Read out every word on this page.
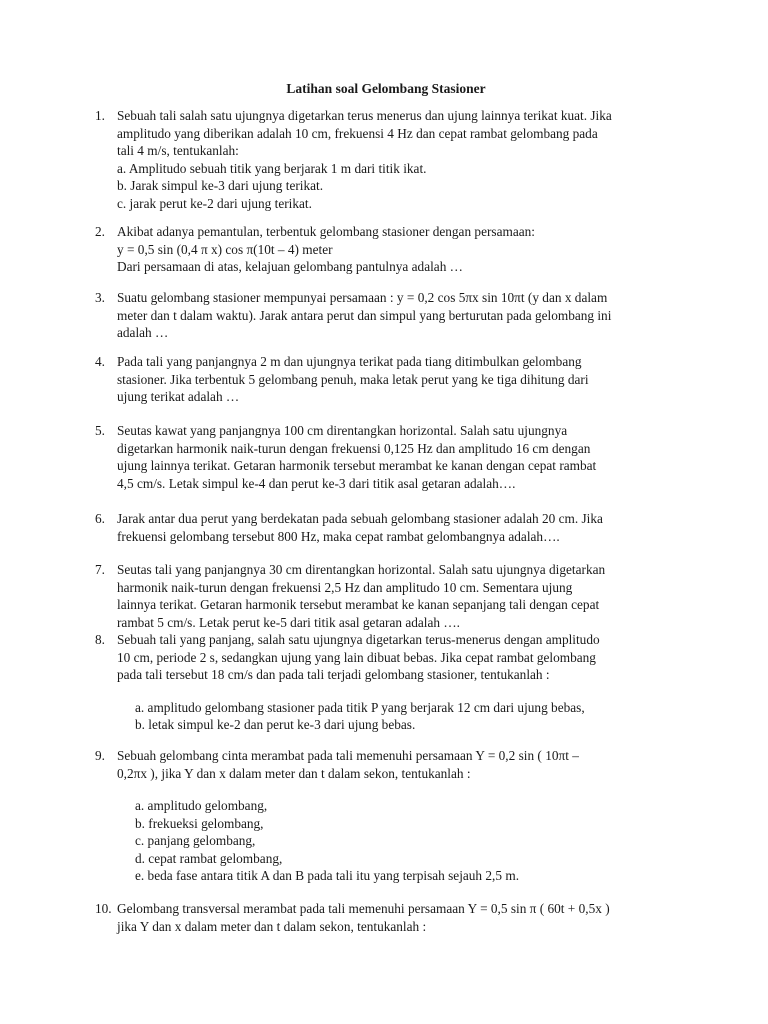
Latihan soal Gelombang Stasioner
1. Sebuah tali salah satu ujungnya digetarkan terus menerus dan ujung lainnya terikat kuat. Jika
amplitudo yang diberikan adalah 10 cm, frekuensi 4 Hz dan cepat rambat gelombang pada
tali 4 m/s, tentukanlah:
a. Amplitudo sebuah titik yang berjarak 1 m dari titik ikat.
b. Jarak simpul ke-3 dari ujung terikat.
c. jarak perut ke-2 dari ujung terikat.
2. Akibat adanya pemantulan, terbentuk gelombang stasioner dengan persamaan:
y = 0,5 sin (0,4 π x) cos π(10t – 4) meter
Dari persamaan di atas, kelajuan gelombang pantulnya adalah …
3. Suatu gelombang stasioner mempunyai persamaan : y = 0,2 cos 5πx sin 10πt (y dan x dalam
meter dan t dalam waktu). Jarak antara perut dan simpul yang berturutan pada gelombang ini
adalah …
4. Pada tali yang panjangnya 2 m dan ujungnya terikat pada tiang ditimbulkan gelombang
stasioner. Jika terbentuk 5 gelombang penuh, maka letak perut yang ke tiga dihitung dari
ujung terikat adalah …
5. Seutas kawat yang panjangnya 100 cm direntangkan horizontal. Salah satu ujungnya
digetarkan harmonik naik-turun dengan frekuensi 0,125 Hz dan amplitudo 16 cm dengan
ujung lainnya terikat. Getaran harmonik tersebut merambat ke kanan dengan cepat rambat
4,5 cm/s. Letak simpul ke-4 dan perut ke-3 dari titik asal getaran adalah….
6. Jarak antar dua perut yang berdekatan pada sebuah gelombang stasioner adalah 20 cm. Jika
frekuensi gelombang tersebut 800 Hz, maka cepat rambat gelombangnya adalah….
7. Seutas tali yang panjangnya 30 cm direntangkan horizontal. Salah satu ujungnya digetarkan
harmonik naik-turun dengan frekuensi 2,5 Hz dan amplitudo 10 cm. Sementara ujung
lainnya terikat. Getaran harmonik tersebut merambat ke kanan sepanjang tali dengan cepat
rambat 5 cm/s. Letak perut ke-5 dari titik asal getaran adalah ….
8. Sebuah tali yang panjang, salah satu ujungnya digetarkan terus-menerus dengan amplitudo
10 cm, periode 2 s, sedangkan ujung yang lain dibuat bebas. Jika cepat rambat gelombang
pada tali tersebut 18 cm/s dan pada tali terjadi gelombang stasioner, tentukanlah :
a. amplitudo gelombang stasioner pada titik P yang berjarak 12 cm dari ujung bebas,
b. letak simpul ke-2 dan perut ke-3 dari ujung bebas.
9. Sebuah gelombang cinta merambat pada tali memenuhi persamaan Y = 0,2 sin ( 10πt –
0,2πx ), jika Y dan x dalam meter dan t dalam sekon, tentukanlah :
a. amplitudo gelombang,
b. frekueksi gelombang,
c. panjang gelombang,
d. cepat rambat gelombang,
e. beda fase antara titik A dan B pada tali itu yang terpisah sejauh 2,5 m.
10. Gelombang transversal merambat pada tali memenuhi persamaan Y = 0,5 sin π ( 60t + 0,5x )
jika Y dan x dalam meter dan t dalam sekon, tentukanlah :
